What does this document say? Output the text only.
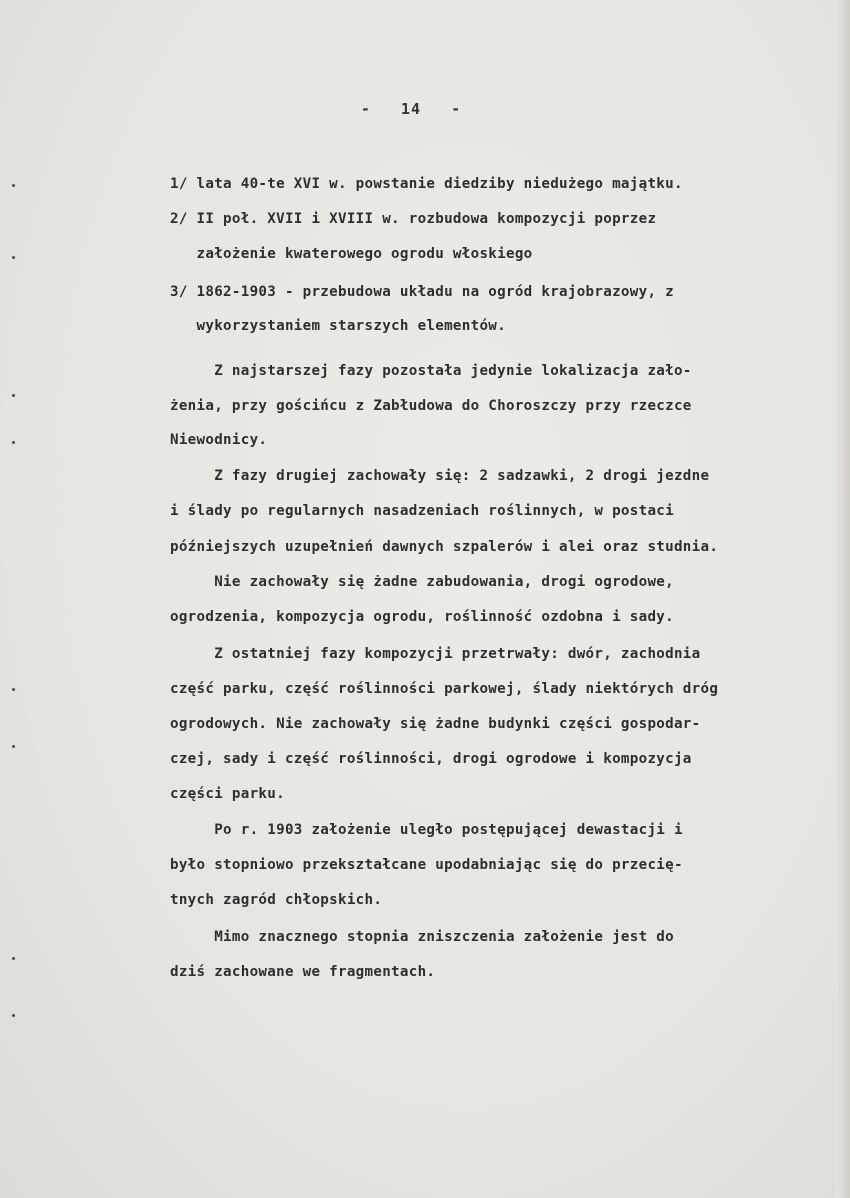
-   14   -
1/ lata 40-te XVI w. powstanie diedziby niedużego majątku.
2/ II poł. XVII i XVIII w. rozbudowa kompozycji poprzez
założenie kwaterowego ogrodu włoskiego
3/ 1862-1903 - przebudowa układu na ogród krajobrazowy, z
wykorzystaniem starszych elementów.
Z najstarszej fazy pozostała jedynie lokalizacja zało-
żenia, przy gościńcu z Zabłudowa do Choroszczy przy rzeczce
Niewodnicy.
Z fazy drugiej zachowały się: 2 sadzawki, 2 drogi jezdne
i ślady po regularnych nasadzeniach roślinnych, w postaci
późniejszych uzupełnień dawnych szpalerów i alei oraz studnia.
Nie zachowały się żadne zabudowania, drogi ogrodowe,
ogrodzenia, kompozycja ogrodu, roślinność ozdobna i sady.
Z ostatniej fazy kompozycji przetrwały: dwór, zachodnia
część parku, część roślinności parkowej, ślady niektórych dróg
ogrodowych. Nie zachowały się żadne budynki części gospodar-
czej, sady i część roślinności, drogi ogrodowe i kompozycja
części parku.
Po r. 1903 założenie uległo postępującej dewastacji i
było stopniowo przekształcane upodabniając się do przecię-
tnych zagród chłopskich.
Mimo znacznego stopnia zniszczenia założenie jest do
dziś zachowane we fragmentach.
